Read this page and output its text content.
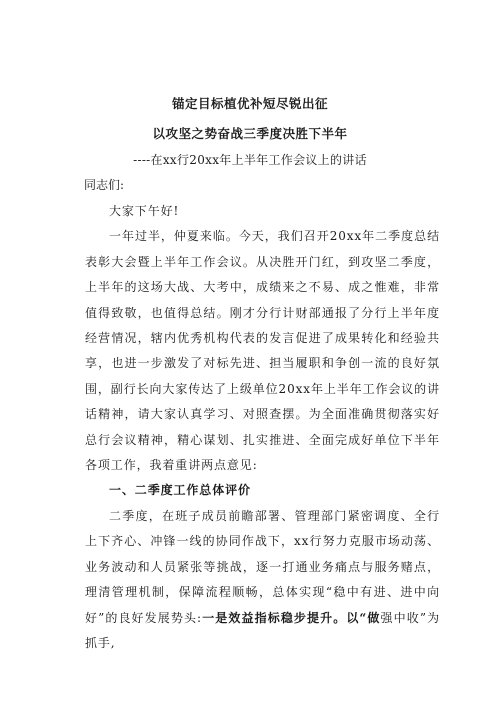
锚定目标植优补短尽锐出征
以攻坚之势奋战三季度决胜下半年
----在xx行20xx年上半年工作会议上的讲话
同志们:

大家下午好!

一年过半，仲夏来临。今天，我们召开20xx年二季度总结表彰大会暨上半年工作会议。从决胜开门红，到攻坚二季度，上半年的这场大战、大考中，成绩来之不易、成之惟难，非常值得致敬，也值得总结。刚才分行计财部通报了分行上半年度经营情况，辖内优秀机构代表的发言促进了成果转化和经验共享，也进一步激发了对标先进、担当履职和争创一流的良好氛围，副行长向大家传达了上级单位20xx年上半年工作会议的讲话精神，请大家认真学习、对照查摆。为全面准确贯彻落实好总行会议精神，精心谋划、扎实推进、全面完成好单位下半年各项工作，我着重讲两点意见:

一、二季度工作总体评价

二季度，在班子成员前瞻部署、管理部门紧密调度、全行上下齐心、冲锋一线的协同作战下，xx行努力克服市场动荡、业务波动和人员紧张等挑战，逐一打通业务痛点与服务赌点，理清管理机制，保障流程顺畅，总体实现“稳中有进、进中向好”的良好发展势头:一是效益指标稳步提升。以“做强中收”为抓手,
